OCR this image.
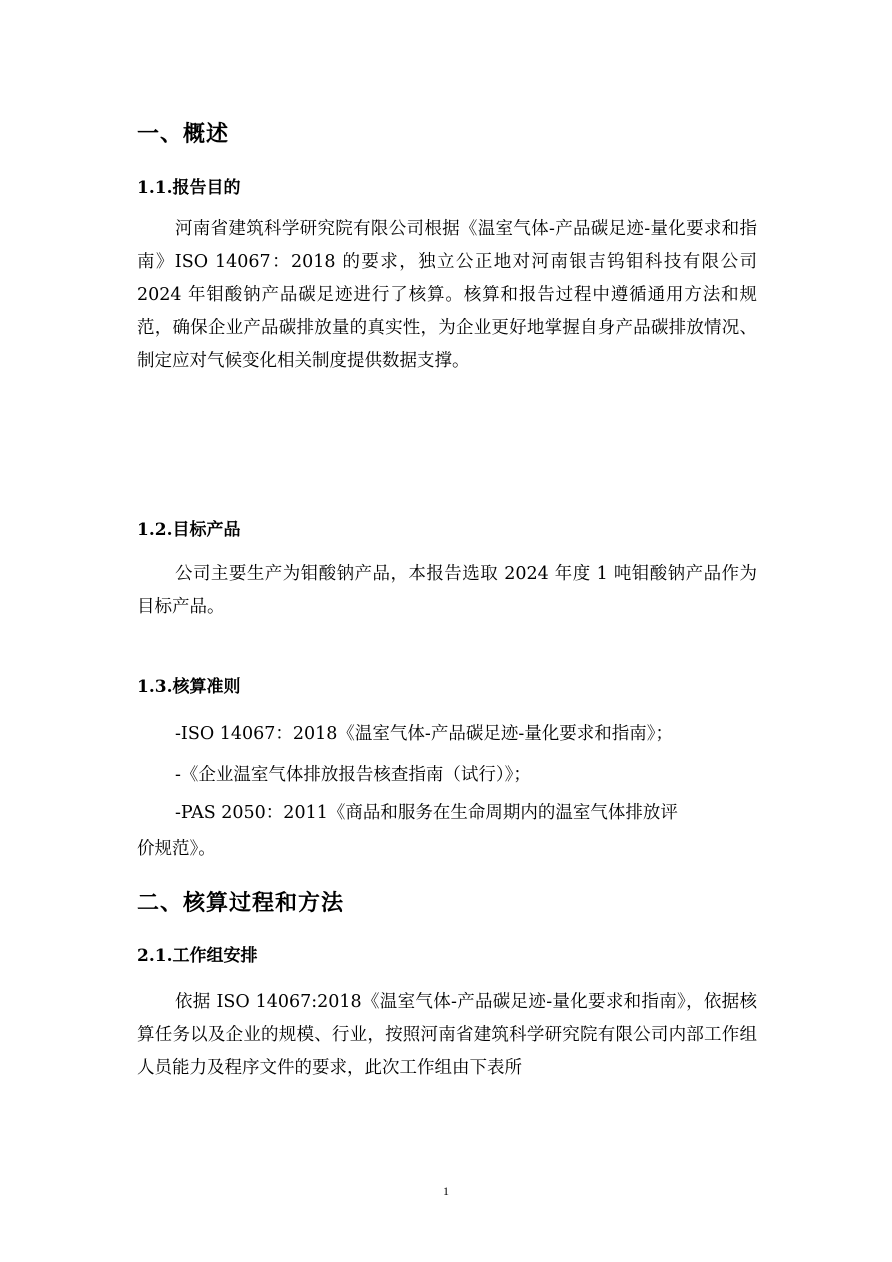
一、概述
1.1.报告目的

河南省建筑科学研究院有限公司根据《温室气体-产品碳足迹-量化要求和指南》ISO 14067：2018 的要求，独立公正地对河南银吉钨钼科技有限公司 2024 年钼酸钠产品碳足迹进行了核算。核算和报告过程中遵循通用方法和规范，确保企业产品碳排放量的真实性，为企业更好地掌握自身产品碳排放情况、制定应对气候变化相关制度提供数据支撑。

1.2.目标产品

公司主要生产为钼酸钠产品，本报告选取 2024 年度 1 吨钼酸钠产品作为目标产品。

1.3.核算准则
-ISO 14067：2018《温室气体-产品碳足迹-量化要求和指南》；
-《企业温室气体排放报告核查指南（试行）》；
-PAS 2050：2011《商品和服务在生命周期内的温室气体排放评
价规范》。
二、核算过程和方法
2.1.工作组安排

依据 ISO 14067:2018《温室气体-产品碳足迹-量化要求和指南》，依据核算任务以及企业的规模、行业，按照河南省建筑科学研究院有限公司内部工作组人员能力及程序文件的要求，此次工作组由下表所

1
